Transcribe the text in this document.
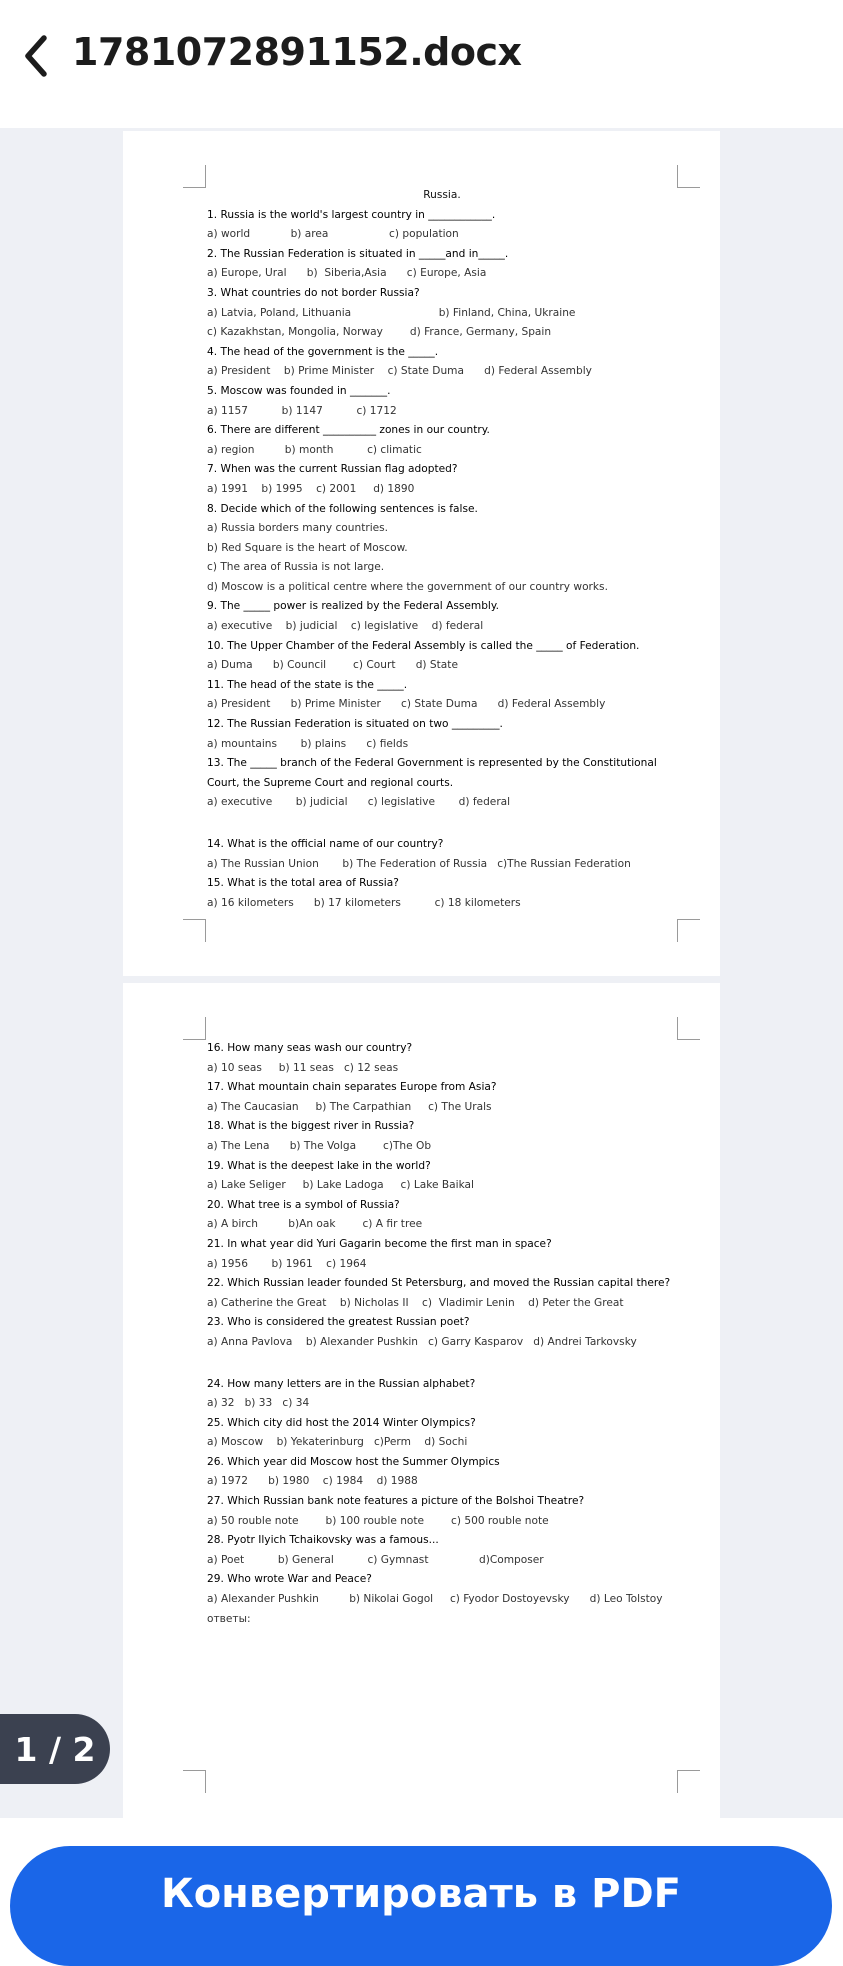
1781072891152.docx
Russia.
1. Russia is the world's largest country in ____________.
a) world            b) area                  c) population
2. The Russian Federation is situated in _____and in_____.
a) Europe, Ural      b)  Siberia,Asia      c) Europe, Asia
3. What countries do not border Russia?
a) Latvia, Poland, Lithuania                          b) Finland, China, Ukraine
c) Kazakhstan, Mongolia, Norway        d) France, Germany, Spain
4. The head of the government is the _____.
a) President    b) Prime Minister    c) State Duma      d) Federal Assembly
5. Moscow was founded in _______.
a) 1157          b) 1147          c) 1712
6. There are different __________ zones in our country.
a) region         b) month          c) climatic
7. When was the current Russian flag adopted?
a) 1991    b) 1995    c) 2001     d) 1890
8. Decide which of the following sentences is false.
a) Russia borders many countries.
b) Red Square is the heart of Moscow.
c) The area of Russia is not large.
d) Moscow is a political centre where the government of our country works.
9. The _____ power is realized by the Federal Assembly.
a) executive    b) judicial    c) legislative    d) federal
10. The Upper Chamber of the Federal Assembly is called the _____ of Federation.
a) Duma      b) Council        c) Court      d) State
11. The head of the state is the _____.
a) President      b) Prime Minister      c) State Duma      d) Federal Assembly
12. The Russian Federation is situated on two _________.
a) mountains       b) plains      c) fields
13. The _____ branch of the Federal Government is represented by the Constitutional
Court, the Supreme Court and regional courts.
a) executive       b) judicial      c) legislative       d) federal
14. What is the official name of our country?
a) The Russian Union       b) The Federation of Russia   c)The Russian Federation
15. What is the total area of Russia?
a) 16 kilometers      b) 17 kilometers          c) 18 kilometers
16. How many seas wash our country?
a) 10 seas     b) 11 seas   c) 12 seas
17. What mountain chain separates Europe from Asia?
a) The Caucasian     b) The Carpathian     c) The Urals
18. What is the biggest river in Russia?
a) The Lena      b) The Volga        c)The Ob
19. What is the deepest lake in the world?
a) Lake Seliger     b) Lake Ladoga     c) Lake Baikal
20. What tree is a symbol of Russia?
a) A birch         b)An oak        c) A fir tree
21. In what year did Yuri Gagarin become the first man in space?
a) 1956       b) 1961    c) 1964
22. Which Russian leader founded St Petersburg, and moved the Russian capital there?
a) Catherine the Great    b) Nicholas II    c)  Vladimir Lenin    d) Peter the Great
23. Who is considered the greatest Russian poet?
a) Anna Pavlova    b) Alexander Pushkin   c) Garry Kasparov   d) Andrei Tarkovsky
24. How many letters are in the Russian alphabet?
a) 32   b) 33   c) 34
25. Which city did host the 2014 Winter Olympics?
a) Moscow    b) Yekaterinburg   c)Perm    d) Sochi
26. Which year did Moscow host the Summer Olympics
a) 1972      b) 1980    c) 1984    d) 1988
27. Which Russian bank note features a picture of the Bolshoi Theatre?
a) 50 rouble note        b) 100 rouble note        c) 500 rouble note
28. Pyotr Ilyich Tchaikovsky was a famous...
a) Poet          b) General          c) Gymnast               d)Composer
29. Who wrote War and Peace?
a) Alexander Pushkin         b) Nikolai Gogol     c) Fyodor Dostoyevsky      d) Leo Tolstoy
ответы:
1 / 2
Конвертировать в PDF
